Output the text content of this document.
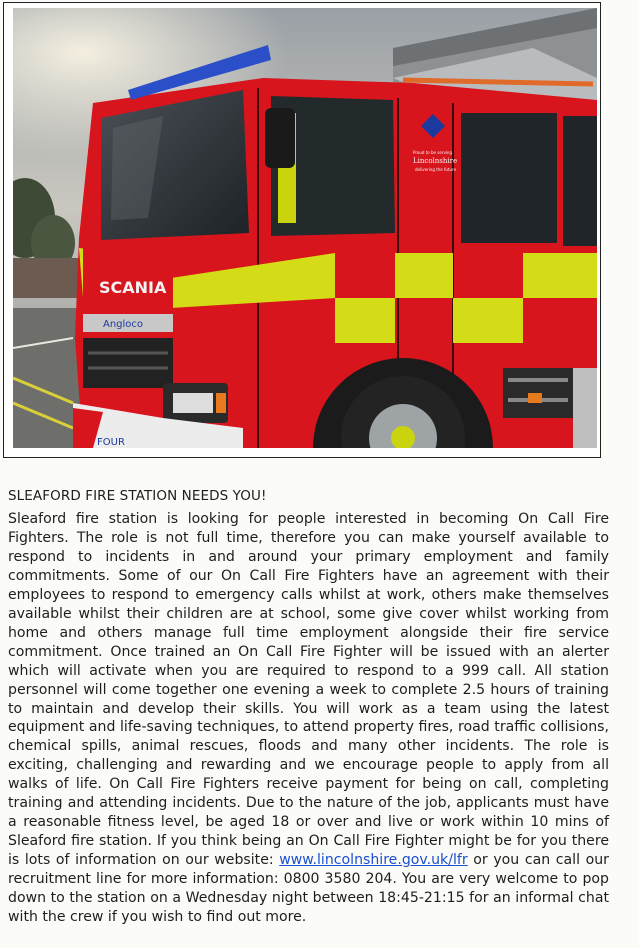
Proud to be serving
Lincolnshire
delivering the future
SCANIA
Angloco
FOUR
SLEAFORD FIRE STATION NEEDS YOU!

Sleaford fire station is looking for people interested in becoming On Call Fire Fighters. The role is not full time, therefore you can make yourself available to respond to incidents in and around your primary employment and family commitments. Some of our On Call Fire Fighters have an agreement with their employees to respond to emergency calls whilst at work, others make themselves available whilst their children are at school, some give cover whilst working from home and others manage full time employment alongside their fire service commitment. Once trained an On Call Fire Fighter will be issued with an alerter which will activate when you are required to respond to a 999 call. All station personnel will come together one evening a week to complete 2.5 hours of training to maintain and develop their skills. You will work as a team using the latest equipment and life-saving techniques, to attend property fires, road traffic collisions, chemical spills, animal rescues, floods and many other incidents. The role is exciting, challenging and rewarding and we encourage people to apply from all walks of life. On Call Fire Fighters receive payment for being on call, completing training and attending incidents. Due to the nature of the job, applicants must have a reasonable fitness level, be aged 18 or over and live or work within 10 mins of Sleaford fire station. If you think being an On Call Fire Fighter might be for you there is lots of information on our website: www.lincolnshire.gov.uk/lfr or you can call our recruitment line for more information: 0800 3580 204. You are very welcome to pop down to the station on a Wednesday night between 18:45-21:15 for an informal chat with the crew if you wish to find out more.
